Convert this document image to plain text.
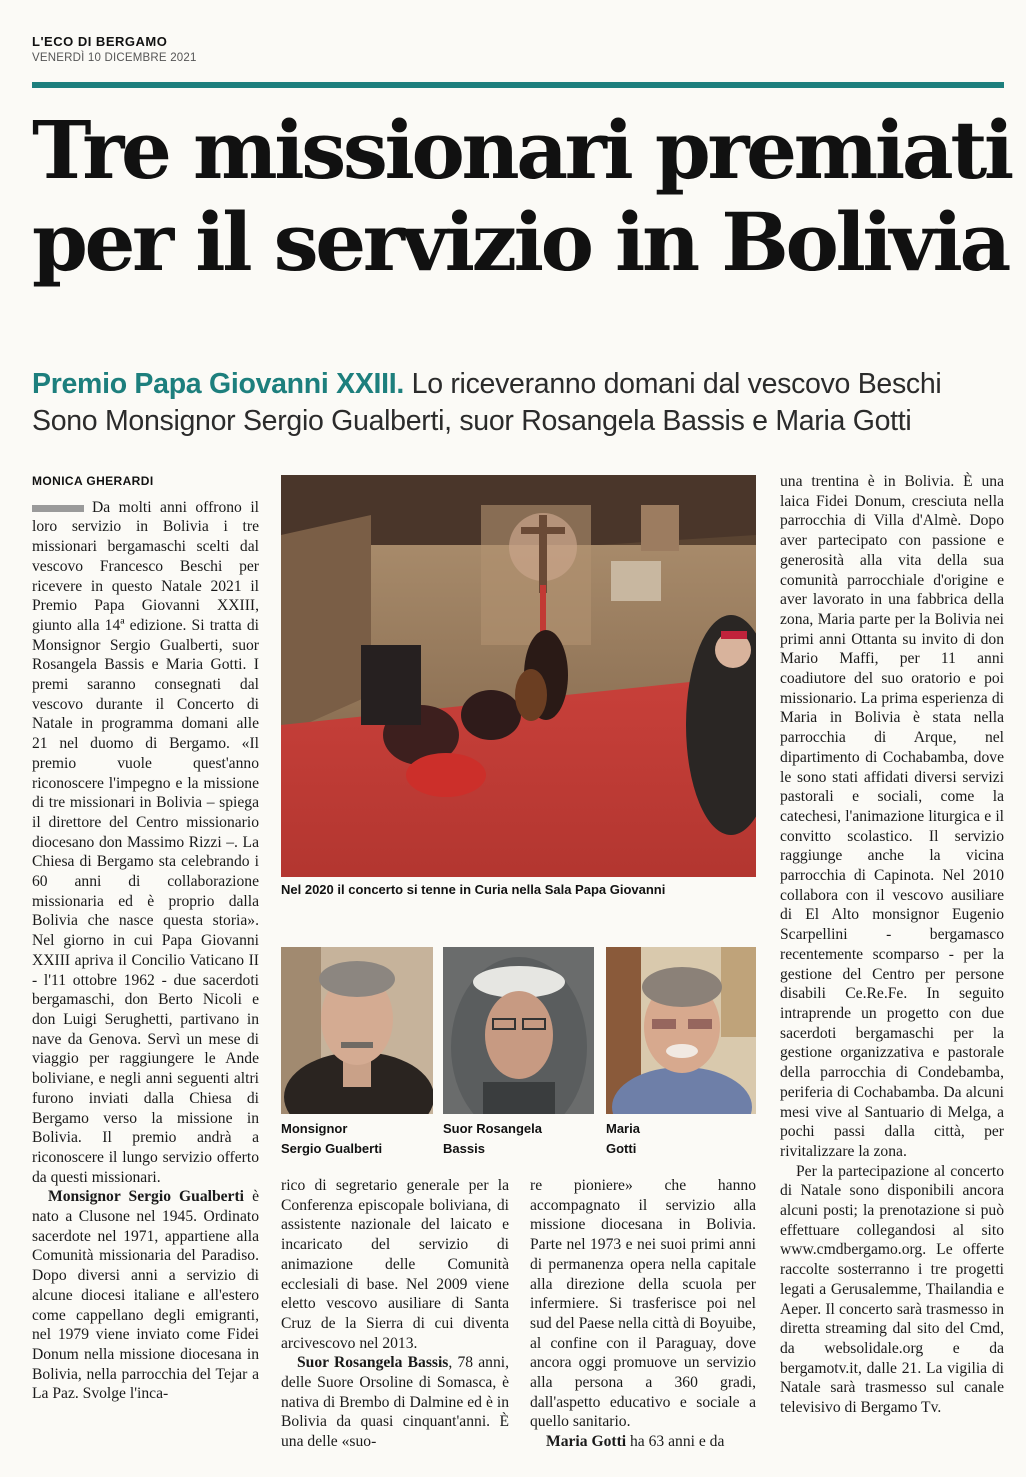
L'ECO DI BERGAMO
VENERDÌ 10 DICEMBRE 2021
Tre missionari premiati
per il servizio in Bolivia
Premio Papa Giovanni XXIII. Lo riceveranno domani dal vescovo Beschi
Sono Monsignor Sergio Gualberti, suor Rosangela Bassis e Maria Gotti
MONICA GHERARDI

Da molti anni offrono il loro servizio in Bolivia i tre missionari bergamaschi scelti dal vescovo Francesco Beschi per ricevere in questo Natale 2021 il Premio Papa Giovanni XXIII, giunto alla 14ª edizione. Si tratta di Monsignor Sergio Gualberti, suor Rosangela Bassis e Maria Gotti. I premi saranno consegnati dal vescovo durante il Concerto di Natale in programma domani alle 21 nel duomo di Bergamo. «Il premio vuole quest'anno riconoscere l'impegno e la missione di tre missionari in Bolivia – spiega il direttore del Centro missionario diocesano don Massimo Rizzi –. La Chiesa di Bergamo sta celebrando i 60 anni di collaborazione missionaria ed è proprio dalla Bolivia che nasce questa storia». Nel giorno in cui Papa Giovanni XXIII apriva il Concilio Vaticano II - l'11 ottobre 1962 - due sacerdoti bergamaschi, don Berto Nicoli e don Luigi Serughetti, partivano in nave da Genova. Servì un mese di viaggio per raggiungere le Ande boliviane, e negli anni seguenti altri furono inviati dalla Chiesa di Bergamo verso la missione in Bolivia. Il premio andrà a riconoscere il lungo servizio offerto da questi missionari.

Monsignor Sergio Gualberti è nato a Clusone nel 1945. Ordinato sacerdote nel 1971, appartiene alla Comunità missionaria del Paradiso. Dopo diversi anni a servizio di alcune diocesi italiane e all'estero come cappellano degli emigranti, nel 1979 viene inviato come Fidei Donum nella missione diocesana in Bolivia, nella parrocchia del Tejar a La Paz. Svolge l'inca-

Nel 2020 il concerto si tenne in Curia nella Sala Papa Giovanni
Monsignor
Sergio Gualberti
Suor Rosangela
Bassis
Maria
Gotti

rico di segretario generale per la Conferenza episcopale boliviana, di assistente nazionale del laicato e incaricato del servizio di animazione delle Comunità ecclesiali di base. Nel 2009 viene eletto vescovo ausiliare di Santa Cruz de la Sierra di cui diventa arcivescovo nel 2013.

Suor Rosangela Bassis, 78 anni, delle Suore Orsoline di Somasca, è nativa di Brembo di Dalmine ed è in Bolivia da quasi cinquant'anni. È una delle «suo-

re pioniere» che hanno accompagnato il servizio alla missione diocesana in Bolivia. Parte nel 1973 e nei suoi primi anni di permanenza opera nella capitale alla direzione della scuola per infermiere. Si trasferisce poi nel sud del Paese nella città di Boyuibe, al confine con il Paraguay, dove ancora oggi promuove un servizio alla persona a 360 gradi, dall'aspetto educativo e sociale a quello sanitario.

Maria Gotti ha 63 anni e da

una trentina è in Bolivia. È una laica Fidei Donum, cresciuta nella parrocchia di Villa d'Almè. Dopo aver partecipato con passione e generosità alla vita della sua comunità parrocchiale d'origine e aver lavorato in una fabbrica della zona, Maria parte per la Bolivia nei primi anni Ottanta su invito di don Mario Maffi, per 11 anni coadiutore del suo oratorio e poi missionario. La prima esperienza di Maria in Bolivia è stata nella parrocchia di Arque, nel dipartimento di Cochabamba, dove le sono stati affidati diversi servizi pastorali e sociali, come la catechesi, l'animazione liturgica e il convitto scolastico. Il servizio raggiunge anche la vicina parrocchia di Capinota. Nel 2010 collabora con il vescovo ausiliare di El Alto monsignor Eugenio Scarpellini - bergamasco recentemente scomparso - per la gestione del Centro per persone disabili Ce.Re.Fe. In seguito intraprende un progetto con due sacerdoti bergamaschi per la gestione organizzativa e pastorale della parrocchia di Condebamba, periferia di Cochabamba. Da alcuni mesi vive al Santuario di Melga, a pochi passi dalla città, per rivitalizzare la zona.

Per la partecipazione al concerto di Natale sono disponibili ancora alcuni posti; la prenotazione si può effettuare collegandosi al sito www.cmdbergamo.org. Le offerte raccolte sosterranno i tre progetti legati a Gerusalemme, Thailandia e Aeper. Il concerto sarà trasmesso in diretta streaming dal sito del Cmd, da websolidale.org e da bergamotv.it, dalle 21. La vigilia di Natale sarà trasmesso sul canale televisivo di Bergamo Tv.
